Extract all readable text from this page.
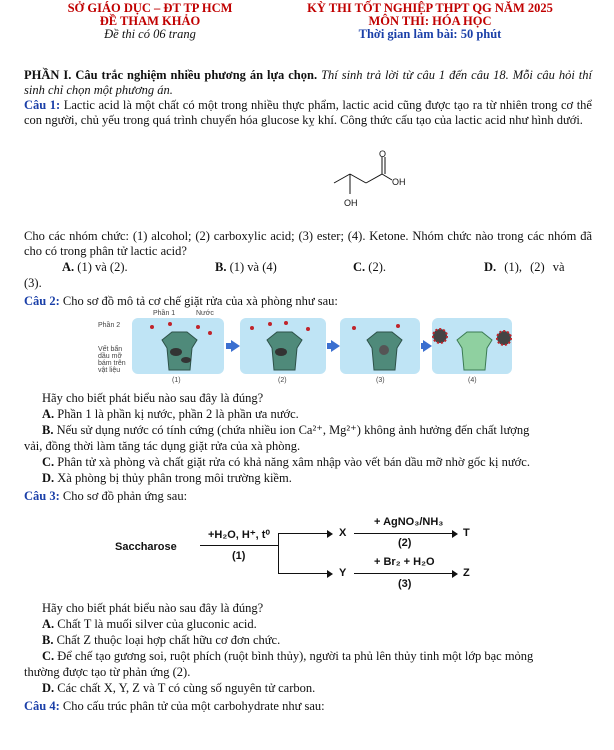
SỞ GIÁO DỤC – ĐT TP HCM
ĐỀ THAM KHẢO
Đề thi có 06 trang
KỲ THI TỐT NGHIỆP THPT QG NĂM 2025
MÔN THI: HÓA HỌC
Thời gian làm bài: 50 phút
PHẦN I. Câu trắc nghiệm nhiều phương án lựa chọn. Thí sinh trả lời từ câu 1 đến câu 18. Mỗi câu hỏi thí sinh chỉ chọn một phương án.
Câu 1: Lactic acid là một chất có một trong nhiều thực phẩm, lactic acid cũng được tạo ra từ nhiên trong cơ thể con người, chủ yếu trong quá trình chuyển hóa glucose kỵ khí. Công thức cấu tạo của lactic acid như hình dưới.
O
OH
OH
Cho các nhóm chức: (1) alcohol; (2) carboxylic acid; (3) ester; (4). Ketone. Nhóm chức nào trong các nhóm đã cho có trong phân tử lactic acid?
A. (1) và (2).	B. (1) và (4)	C. (2).	D. (1), (2) và
(3).
Câu 2: Cho sơ đồ mô tả cơ chế giặt rửa của xà phòng như sau:
Phần 1	Nước
Phần 2
Vết bẩn dầu mỡ bám trên vật liệu
(1)	(2)	(3)	(4)
Hãy cho biết phát biểu nào sau đây là đúng?
A. Phần 1 là phần kị nước, phần 2 là phần ưa nước.
B. Nếu sử dụng nước có tính cứng (chứa nhiều ion Ca²⁺, Mg²⁺) không ảnh hưởng đến chất lượng
vải, đồng thời làm tăng tác dụng giặt rửa của xà phòng.
C. Phân tử xà phòng và chất giặt rửa có khả năng xâm nhập vào vết bán dầu mỡ nhờ gốc kị nước.
D. Xà phòng bị thủy phân trong môi trường kiềm.
Câu 3: Cho sơ đồ phản ứng sau:
Saccharose
+H₂O, H⁺, t⁰
(1)
X
Y
+ AgNO₃/NH₃
(2)
T
+ Br₂ + H₂O
(3)
Z
Hãy cho biết phát biểu nào sau đây là đúng?
A. Chất T là muối silver của gluconic acid.
B. Chất Z thuộc loại hợp chất hữu cơ đơn chức.
C. Để chế tạo gương soi, ruột phích (ruột bình thủy), người ta phủ lên thủy tinh một lớp bạc mỏng
thường được tạo từ phản ứng (2).
D. Các chất X, Y, Z và T có cùng số nguyên tử carbon.
Câu 4: Cho cấu trúc phân tử của một carbohydrate như sau:
